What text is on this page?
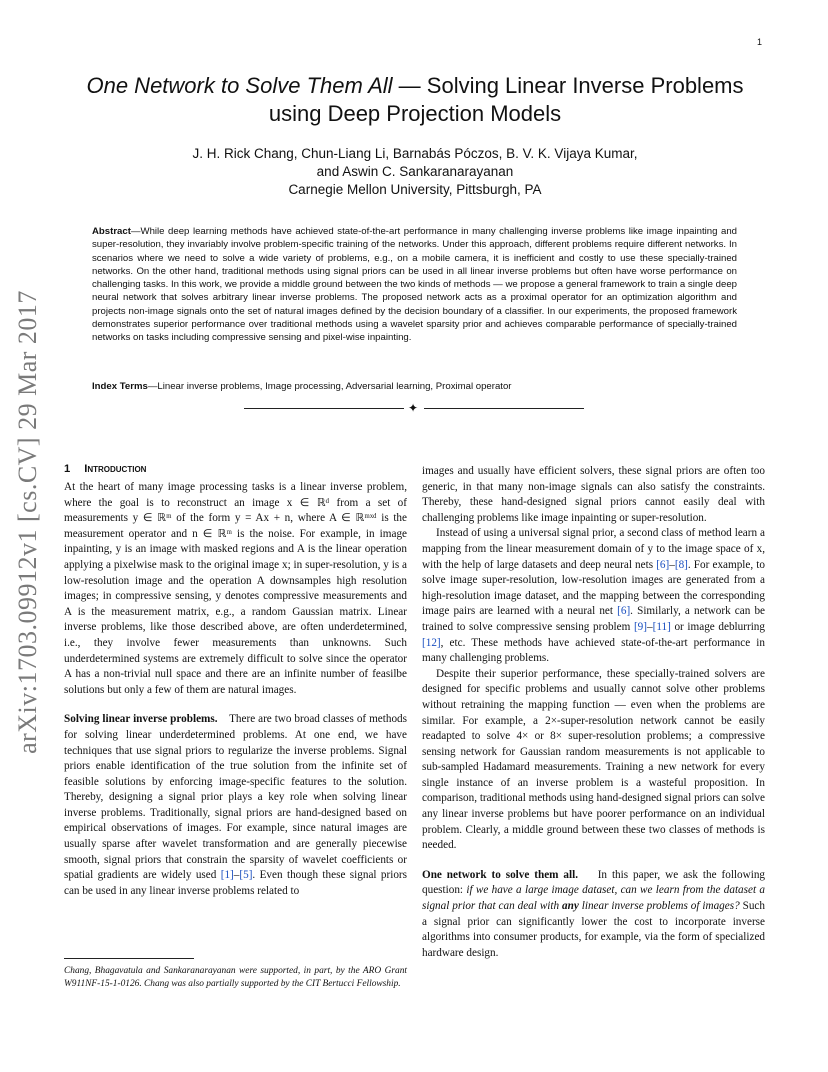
1
arXiv:1703.09912v1 [cs.CV] 29 Mar 2017
One Network to Solve Them All — Solving Linear Inverse Problems
using Deep Projection Models
J. H. Rick Chang, Chun-Liang Li, Barnabás Póczos, B. V. K. Vijaya Kumar,
and Aswin C. Sankaranarayanan
Carnegie Mellon University, Pittsburgh, PA
Abstract—While deep learning methods have achieved state-of-the-art performance in many challenging inverse problems like image inpainting and super-resolution, they invariably involve problem-specific training of the networks. Under this approach, different problems require different networks. In scenarios where we need to solve a wide variety of problems, e.g., on a mobile camera, it is inefficient and costly to use these specially-trained networks. On the other hand, traditional methods using signal priors can be used in all linear inverse problems but often have worse performance on challenging tasks. In this work, we provide a middle ground between the two kinds of methods — we propose a general framework to train a single deep neural network that solves arbitrary linear inverse problems. The proposed network acts as a proximal operator for an optimization algorithm and projects non-image signals onto the set of natural images defined by the decision boundary of a classifier. In our experiments, the proposed framework demonstrates superior performance over traditional methods using a wavelet sparsity prior and achieves comparable performance of specially-trained networks on tasks including compressive sensing and pixel-wise inpainting.
Index Terms—Linear inverse problems, Image processing, Adversarial learning, Proximal operator
✦
1 Introduction

At the heart of many image processing tasks is a linear inverse problem, where the goal is to reconstruct an image x ∈ ℝᵈ from a set of measurements y ∈ ℝᵐ of the form y = Ax + n, where A ∈ ℝᵐˣᵈ is the measurement operator and n ∈ ℝᵐ is the noise. For example, in image inpainting, y is an image with masked regions and A is the linear operation applying a pixelwise mask to the original image x; in super-resolution, y is a low-resolution image and the operation A downsamples high resolution images; in compressive sensing, y denotes compressive measurements and A is the measurement matrix, e.g., a random Gaussian matrix. Linear inverse problems, like those described above, are often underdetermined, i.e., they involve fewer measurements than unknowns. Such underdetermined systems are extremely difficult to solve since the operator A has a non-trivial null space and there are an infinite number of feasilbe solutions but only a few of them are natural images.

Solving linear inverse problems. There are two broad classes of methods for solving linear underdetermined problems. At one end, we have techniques that use signal priors to regularize the inverse problems. Signal priors enable identification of the true solution from the infinite set of feasible solutions by enforcing image-specific features to the solution. Thereby, designing a signal prior plays a key role when solving linear inverse problems. Traditionally, signal priors are hand-designed based on empirical observations of images. For example, since natural images are usually sparse after wavelet transformation and are generally piecewise smooth, signal priors that constrain the sparsity of wavelet coefficients or spatial gradients are widely used [1]–[5]. Even though these signal priors can be used in any linear inverse problems related to

Chang, Bhagavatula and Sankaranarayanan were supported, in part, by the ARO Grant W911NF-15-1-0126. Chang was also partially supported by the CIT Bertucci Fellowship.

images and usually have efficient solvers, these signal priors are often too generic, in that many non-image signals can also satisfy the constraints. Thereby, these hand-designed signal priors cannot easily deal with challenging problems like image inpainting or super-resolution.

Instead of using a universal signal prior, a second class of method learn a mapping from the linear measurement domain of y to the image space of x, with the help of large datasets and deep neural nets [6]–[8]. For example, to solve image super-resolution, low-resolution images are generated from a high-resolution image dataset, and the mapping between the corresponding image pairs are learned with a neural net [6]. Similarly, a network can be trained to solve compressive sensing problem [9]–[11] or image deblurring [12], etc. These methods have achieved state-of-the-art performance in many challenging problems.

Despite their superior performance, these specially-trained solvers are designed for specific problems and usually cannot solve other problems without retraining the mapping function — even when the problems are similar. For example, a 2×-super-resolution network cannot be easily readapted to solve 4× or 8× super-resolution problems; a compressive sensing network for Gaussian random measurements is not applicable to sub-sampled Hadamard measurements. Training a new network for every single instance of an inverse problem is a wasteful proposition. In comparison, traditional methods using hand-designed signal priors can solve any linear inverse problems but have poorer performance on an individual problem. Clearly, a middle ground between these two classes of methods is needed.

One network to solve them all. In this paper, we ask the following question: if we have a large image dataset, can we learn from the dataset a signal prior that can deal with any linear inverse problems of images? Such a signal prior can significantly lower the cost to incorporate inverse algorithms into consumer products, for example, via the form of specialized hardware design.
